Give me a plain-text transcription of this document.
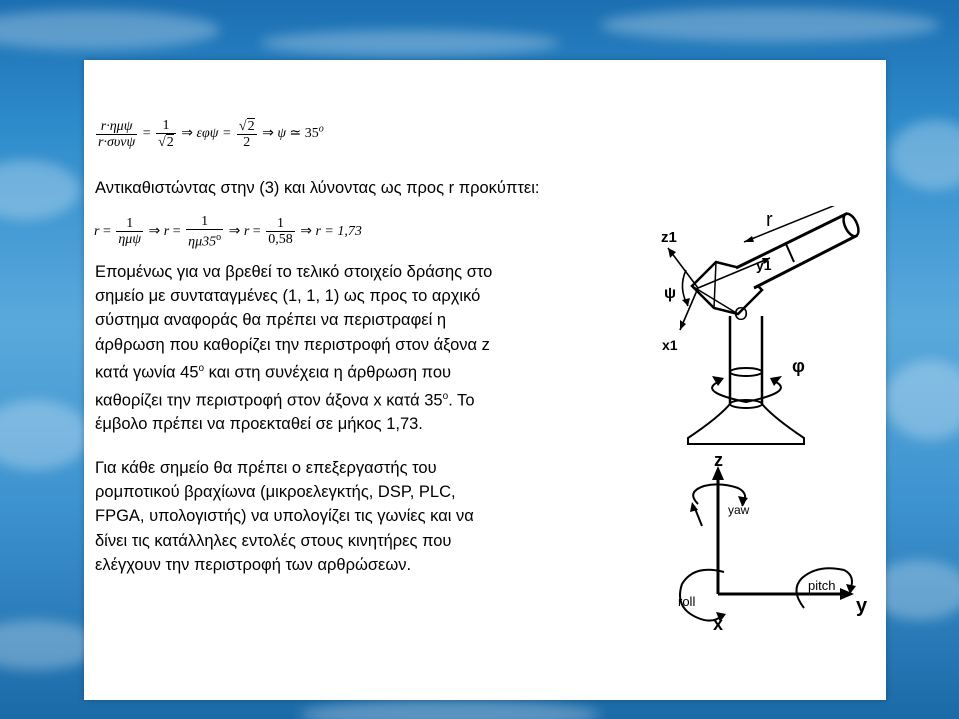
$\frac{\text{r·ημψ}}{\text{r·συνψ}} = \frac{1}{√2}$ ⇒ $\varepsilon\varphi\psi = \frac{√2}{2}$ ⇒ ψ ≃ 35$^o$
Αντικαθιστώντας στην (3) και λύνοντας ως προς r προκύπτει:
$r = \frac{1}{\text{ημψ}}$ ⇒ $r = \frac{1}{\eta\mu 35^o}$ ⇒ $r = \frac{1}{0,58}$ ⇒ r = 1,73
Επομένως για να βρεθεί το τελικό στοιχείο δράσης στο
σημείο με συνταταγμένες (1, 1, 1) ως προς το αρχικό
σύστημα αναφοράς θα πρέπει να περιστραφεί η
άρθρωση που καθορίζει την περιστροφή στον άξονα z
κατά γωνία $45^o$ και στη συνέχεια η άρθρωση που
καθορίζει την περιστροφή στον άξονα x κατά $35^o$. Το
έμβολο πρέπει να προεκταθεί σε μήκος 1,73.
Για κάθε σημείο θα πρέπει ο επεξεργαστής του
ρομποτικού βραχίωνα (μικροελεγκτής, DSP, PLC,
FPGA, υπολογιστής) να υπολογίζει τις γωνίες και να
δίνει τις κατάλληλες εντολές στους κινητήρες που
ελέγχουν την περιστροφή των αρθρώσεων.
r
z1
y1
ψ
O
x1
φ
z
yaw
roll
pitch
y
x
